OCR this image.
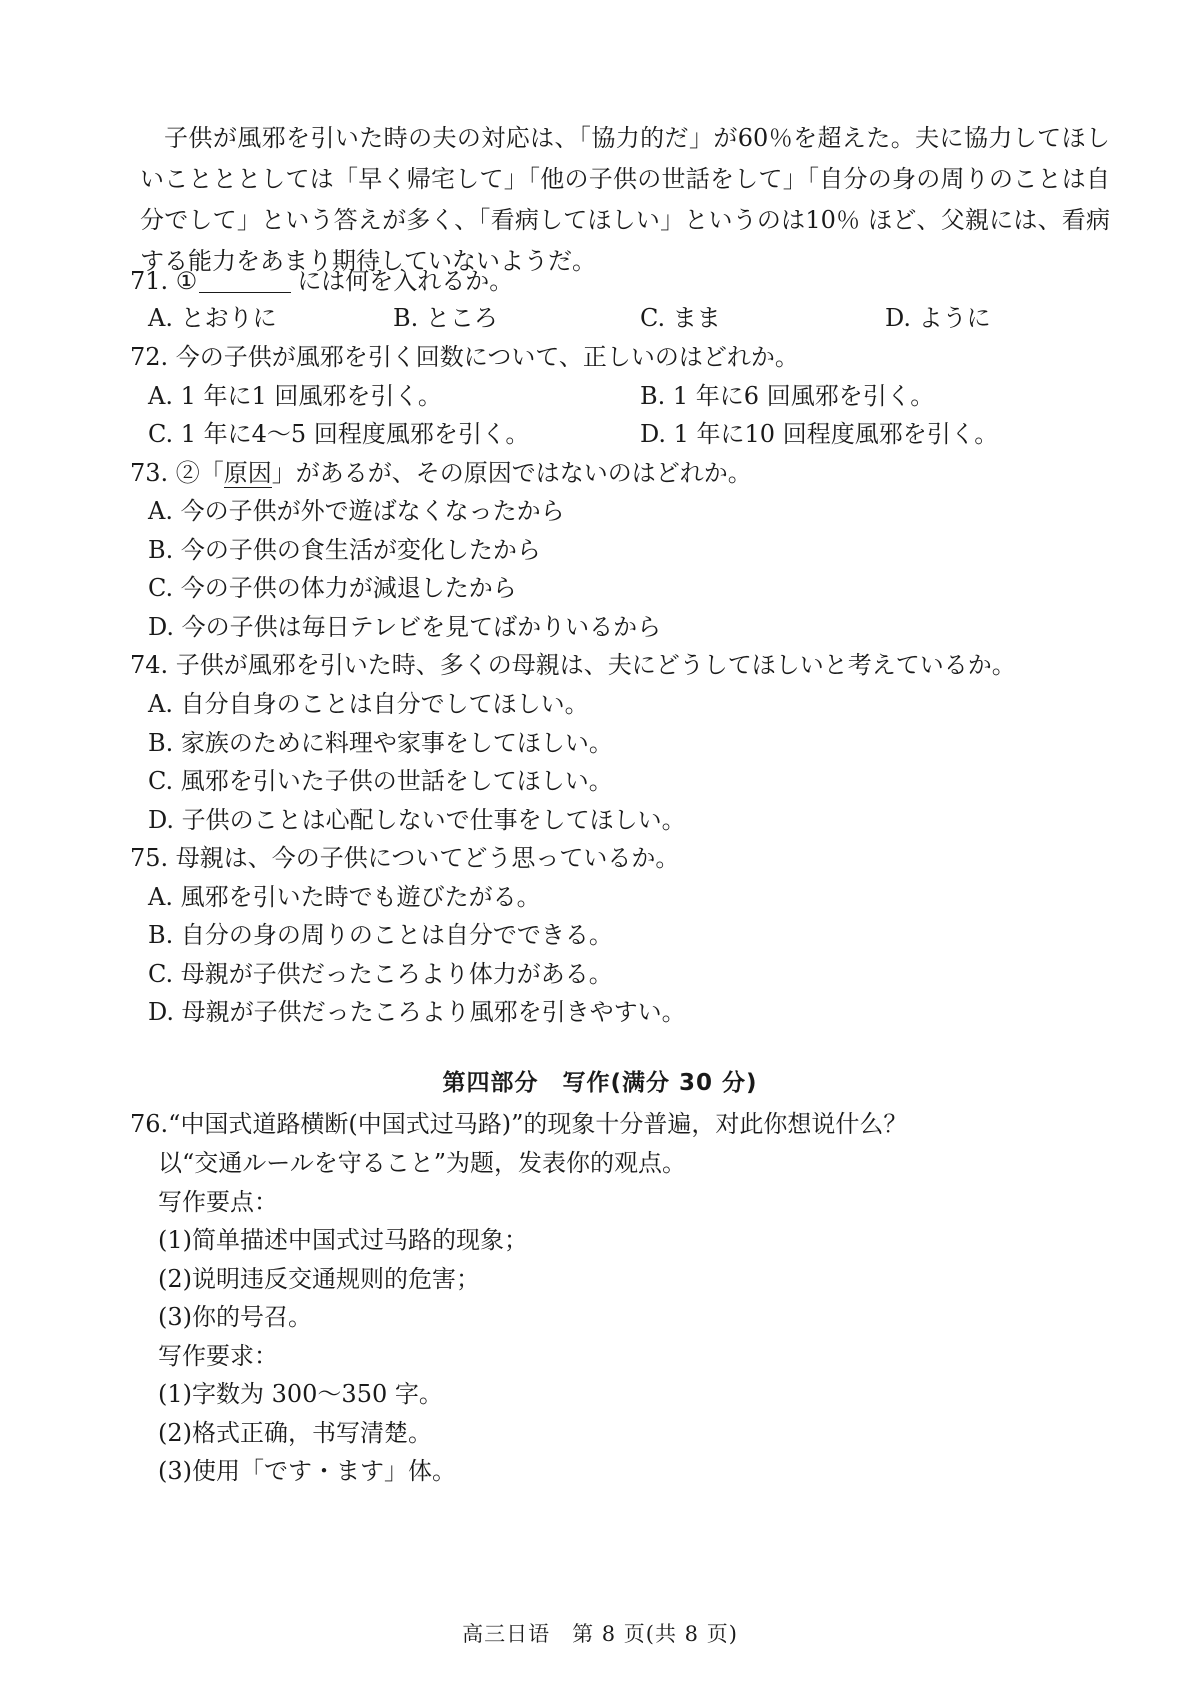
子供が風邪を引いた時の夫の対応は、「協力的だ」が60％を超えた。夫に協力してほしいことととしては「早く帰宅して」「他の子供の世話をして」「自分の身の周りのことは自分でして」という答えが多く、「看病してほしい」というのは10％ ほど、父親には、看病する能力をあまり期待していないようだ。

71. ①	には何を入れるか。
A. とおりに	B. ところ	C. まま	D. ように
72. 今の子供が風邪を引く回数について、正しいのはどれか。
A. 1 年に1 回風邪を引く。	B. 1 年に6 回風邪を引く。
C. 1 年に4～5 回程度風邪を引く。	D. 1 年に10 回程度風邪を引く。
73. ②「原因」があるが、その原因ではないのはどれか。
A. 今の子供が外で遊ばなくなったから
B. 今の子供の食生活が変化したから
C. 今の子供の体力が減退したから
D. 今の子供は毎日テレビを見てばかりいるから
74. 子供が風邪を引いた時、多くの母親は、夫にどうしてほしいと考えているか。
A. 自分自身のことは自分でしてほしい。
B. 家族のために料理や家事をしてほしい。
C. 風邪を引いた子供の世話をしてほしい。
D. 子供のことは心配しないで仕事をしてほしい。
75. 母親は、今の子供についてどう思っているか。
A. 風邪を引いた時でも遊びたがる。
B. 自分の身の周りのことは自分でできる。
C. 母親が子供だったころより体力がある。
D. 母親が子供だったころより風邪を引きやすい。
第四部分　写作(满分 30 分)
76.“中国式道路横断(中国式过马路)”的现象十分普遍，对此你想说什么？
以“交通ルールを守ること”为题，发表你的观点。
写作要点：
(1)简单描述中国式过马路的现象；
(2)说明违反交通规则的危害；
(3)你的号召。
写作要求：
(1)字数为 300～350 字。
(2)格式正确，书写清楚。
(3)使用「です・ます」体。
高三日语　第 8 页(共 8 页)
